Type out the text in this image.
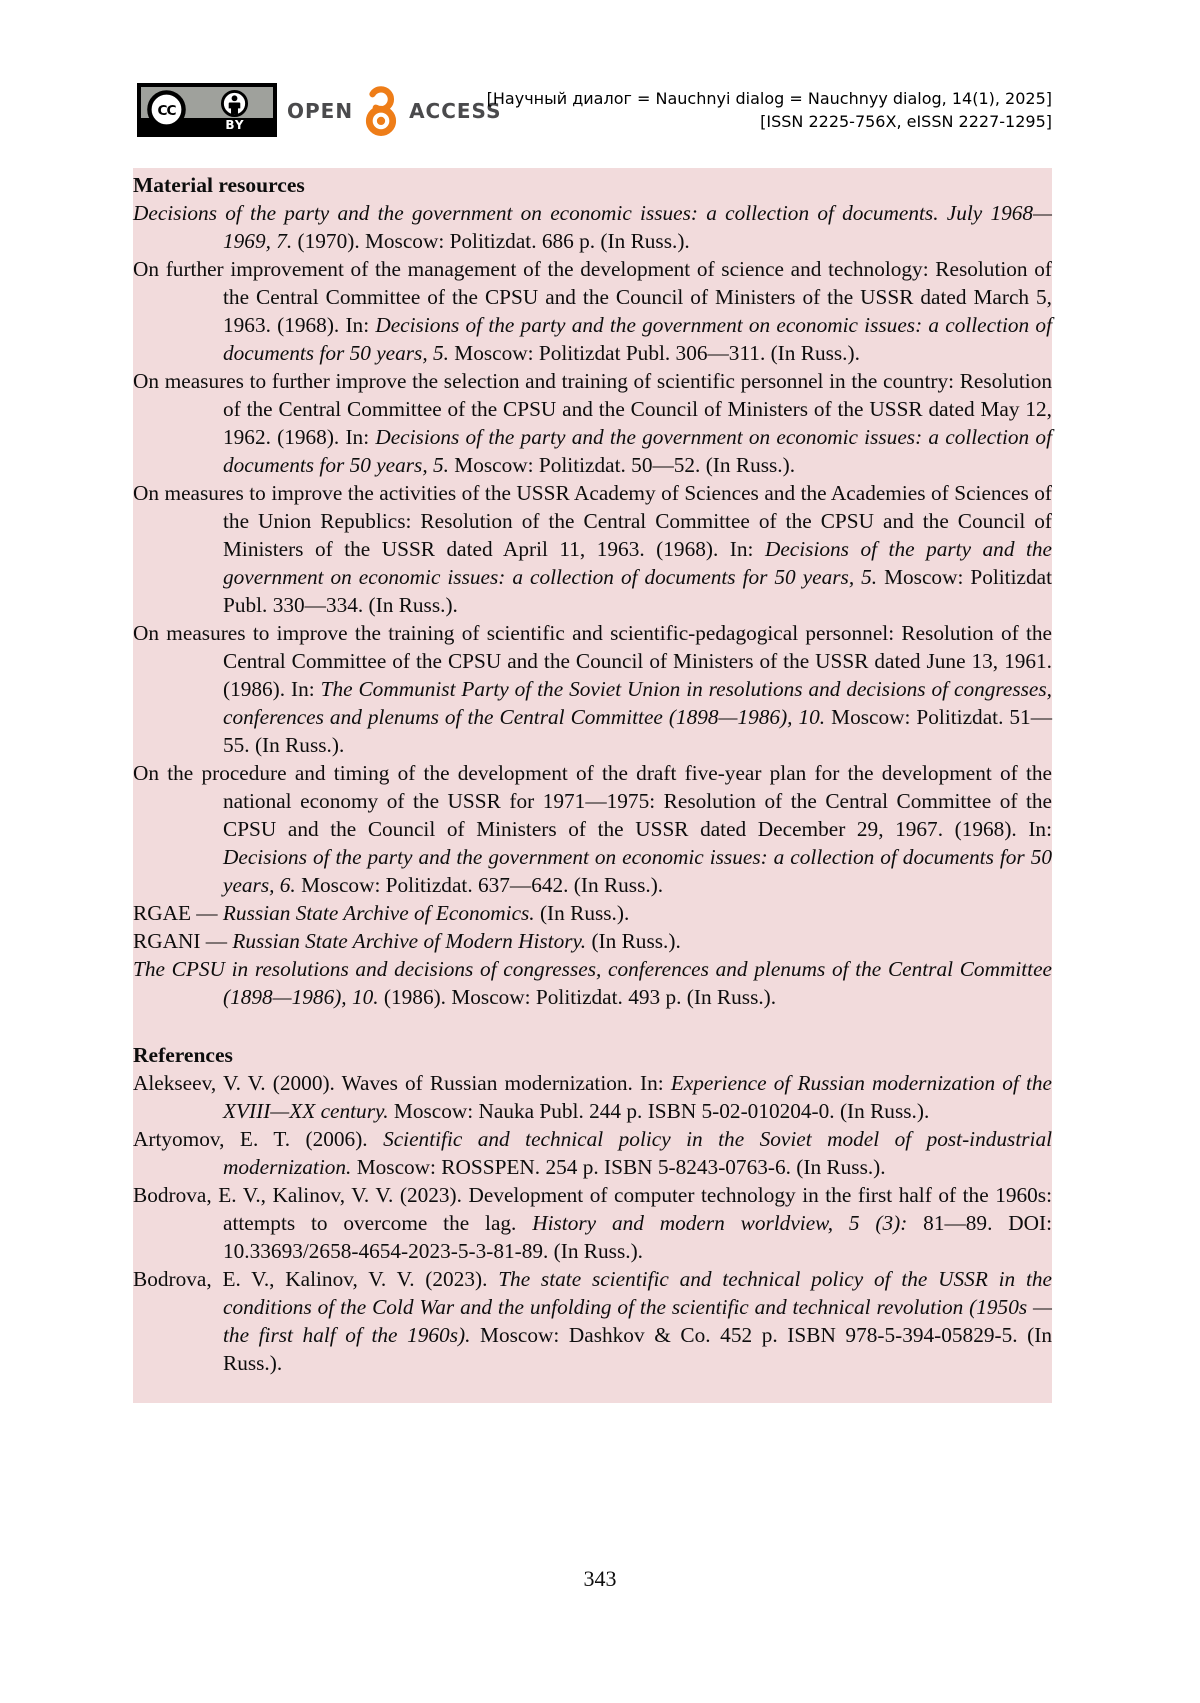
CC
BY
OPEN	ACCESS
[Научный диалог = Nauchnyi dialog = Nauchnyy dialog, 14(1), 2025]
[ISSN 2225-756X, eISSN 2227-1295]
Material resources

Decisions of the party and the government on economic issues: a collection of documents. July 1968—1969, 7. (1970). Moscow: Politizdat. 686 p. (In Russ.).

On further improvement of the management of the development of science and technology: Resolution of the Central Committee of the CPSU and the Council of Ministers of the USSR dated March 5, 1963. (1968). In: Decisions of the party and the government on economic issues: a collection of documents for 50 years, 5. Moscow: Politizdat Publ. 306—311. (In Russ.).

On measures to further improve the selection and training of scientific personnel in the country: Resolution of the Central Committee of the CPSU and the Council of Ministers of the USSR dated May 12, 1962. (1968). In: Decisions of the party and the government on economic issues: a collection of documents for 50 years, 5. Moscow: Politizdat. 50—52. (In Russ.).

On measures to improve the activities of the USSR Academy of Sciences and the Academies of Sciences of the Union Republics: Resolution of the Central Committee of the CPSU and the Council of Ministers of the USSR dated April 11, 1963. (1968). In: Decisions of the party and the government on economic issues: a collection of documents for 50 years, 5. Moscow: Politizdat Publ. 330—334. (In Russ.).

On measures to improve the training of scientific and scientific-pedagogical personnel: Resolution of the Central Committee of the CPSU and the Council of Ministers of the USSR dated June 13, 1961. (1986). In: The Communist Party of the Soviet Union in resolutions and decisions of congresses, conferences and plenums of the Central Committee (1898—1986), 10. Moscow: Politizdat. 51—55. (In Russ.).

On the procedure and timing of the development of the draft five-year plan for the development of the national economy of the USSR for 1971—1975: Resolution of the Central Committee of the CPSU and the Council of Ministers of the USSR dated December 29, 1967. (1968). In: Decisions of the party and the government on economic issues: a collection of documents for 50 years, 6. Moscow: Politizdat. 637—642. (In Russ.).

RGAE — Russian State Archive of Economics. (In Russ.).

RGANI — Russian State Archive of Modern History. (In Russ.).

The CPSU in resolutions and decisions of congresses, conferences and plenums of the Central Committee (1898—1986), 10. (1986). Moscow: Politizdat. 493 p. (In Russ.).

References

Alekseev, V. V. (2000). Waves of Russian modernization. In: Experience of Russian modernization of the XVIII—XX century. Moscow: Nauka Publ. 244 p. ISBN 5-02-010204-0. (In Russ.).

Artyomov, E. T. (2006). Scientific and technical policy in the Soviet model of post-industrial modernization. Moscow: ROSSPEN. 254 p. ISBN 5-8243-0763-6. (In Russ.).

Bodrova, E. V., Kalinov, V. V. (2023). Development of computer technology in the first half of the 1960s: attempts to overcome the lag. History and modern worldview, 5 (3): 81—89. DOI: 10.33693/2658-4654-2023-5-3-81-89. (In Russ.).

Bodrova, E. V., Kalinov, V. V. (2023). The state scientific and technical policy of the USSR in the conditions of the Cold War and the unfolding of the scientific and technical revolution (1950s — the first half of the 1960s). Moscow: Dashkov & Co. 452 p. ISBN 978-5-394-05829-5. (In Russ.).

343
